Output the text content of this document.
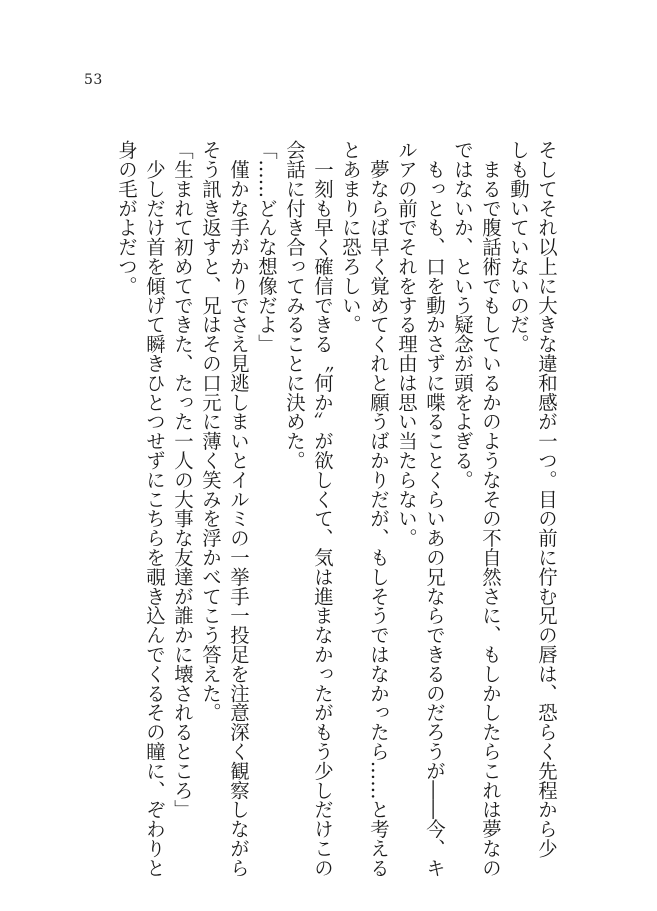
53
そしてそれ以上に大きな違和感が一つ。目の前に佇む兄の唇は、恐らく先程から少
しも動いていないのだ。
　まるで腹話術でもしているかのようなその不自然さに、もしかしたらこれは夢なの
ではないか、という疑念が頭をよぎる。
　もっとも、口を動かさずに喋ることくらいあの兄ならできるのだろうが――今、キ
ルアの前でそれをする理由は思い当たらない。
　夢ならば早く覚めてくれと願うばかりだが、もしそうではなかったら……と考える
とあまりに恐ろしい。
　一刻も早く確信できる〝何か〟が欲しくて、気は進まなかったがもう少しだけこの
会話に付き合ってみることに決めた。
「……どんな想像だよ」
　僅かな手がかりでさえ見逃しまいとイルミの一挙手一投足を注意深く観察しながら
そう訊き返すと、兄はその口元に薄く笑みを浮かべてこう答えた。
「生まれて初めてできた、たった一人の大事な友達が誰かに壊されるところ」
　少しだけ首を傾げて瞬きひとつせずにこちらを覗き込んでくるその瞳に、ぞわりと
身の毛がよだつ。
